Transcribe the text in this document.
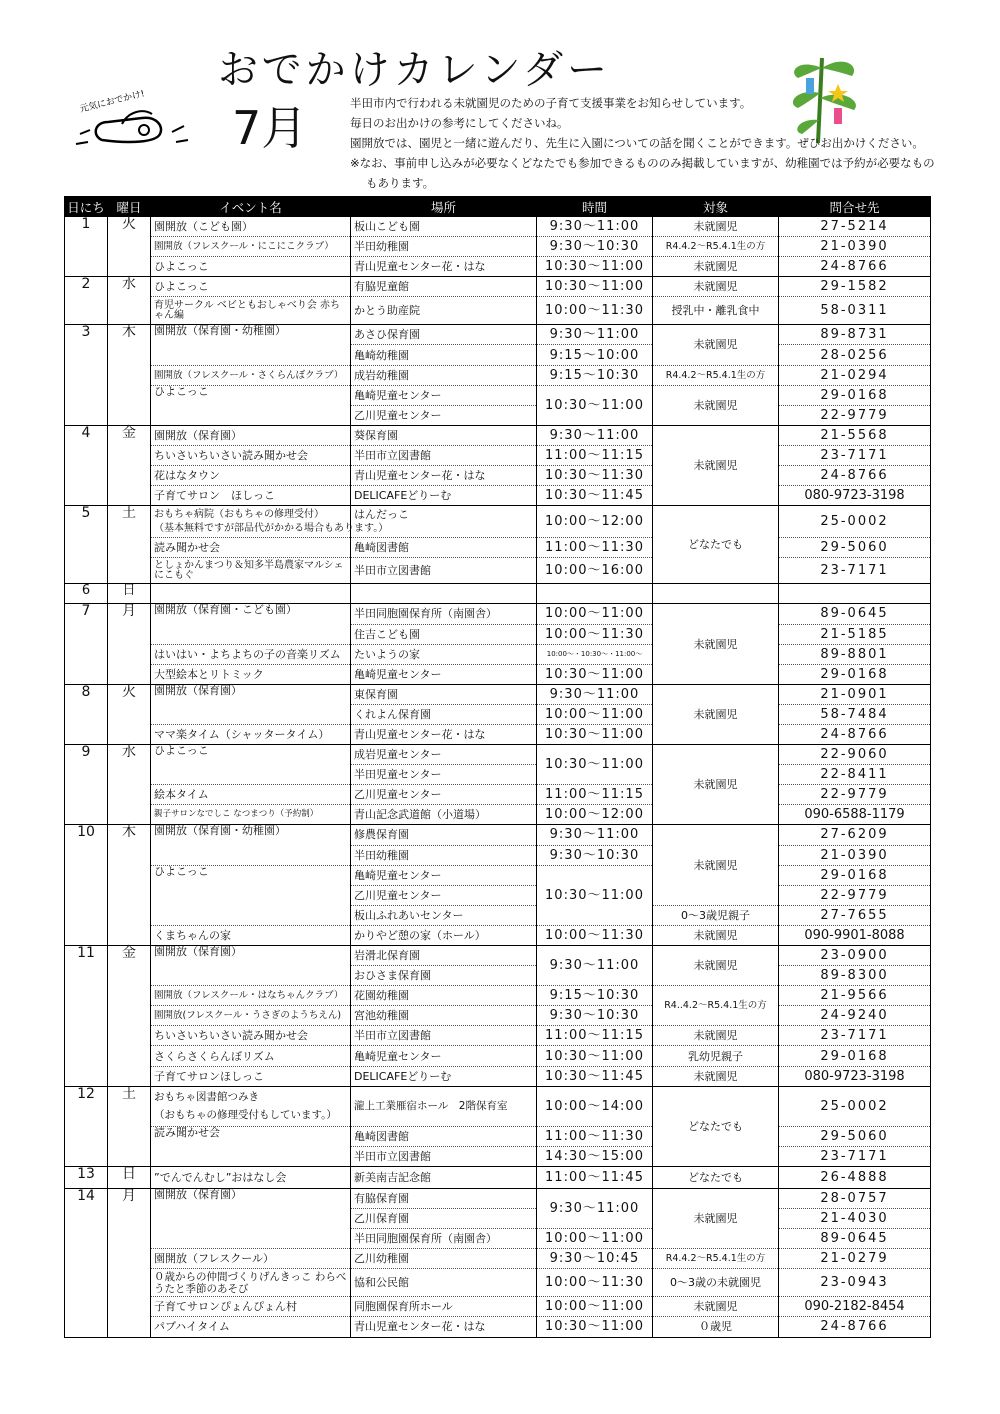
元気におでかけ!
おでかけカレンダー
7月	半田市内で行われる未就園児のための子育て支援事業をお知らせしています。
毎日のお出かけの参考にしてくださいね。
園開放では、園児と一緒に遊んだり、先生に入園についての話を聞くことができます。ぜひお出かけください。
※なお、事前申し込みが必要なくどなたでも参加できるもののみ掲載していますが、幼稚園では予約が必要なもの
もあります。
日にち	曜日	イベント名	場所	時間	対象	問合せ先
1	火	園開放（こども園）	板山こども園	9:30～11:00	未就園児	27-5214
		園開放（フレスクール・にこにこクラブ）	半田幼稚園	9:30～10:30	R4.4.2～R5.4.1生の方	21-0390
		ひよこっこ	青山児童センター花・はな	10:30～11:00	未就園児	24-8766
2	水	ひよこっこ	有脇児童館	10:30～11:00	未就園児	29-1582
		育児サークル ベビともおしゃべり会 赤ちゃん編	かとう助産院	10:00～11:30	授乳中・離乳食中	58-0311
3	木	園開放（保育園・幼稚園）	あさひ保育園	9:30～11:00	未就園児	89-8731
			亀崎幼稚園	9:15～10:00		28-0256
		園開放（フレスクール・さくらんぼクラブ）	成岩幼稚園	9:15～10:30	R4.4.2～R5.4.1生の方	21-0294
		ひよこっこ	亀崎児童センター	10:30～11:00	未就園児	29-0168
			乙川児童センター			22-9779
4	金	園開放（保育園）	葵保育園	9:30～11:00	未就園児	21-5568
		ちいさいちいさい読み聞かせ会	半田市立図書館	11:00～11:15		23-7171
		花はなタウン	青山児童センター花・はな	10:30～11:30		24-8766
		子育てサロン　ほしっこ	DELICAFEどりーむ	10:30～11:45		080-9723-3198
5	土	おもちゃ病院（おもちゃの修理受付）
（基本無料ですが部品代がかかる場合もあります。）	はんだっこ	10:00～12:00	どなたでも	25-0002
		読み聞かせ会	亀崎図書館	11:00～11:30		29-5060
		としょかんまつり＆知多半島農家マルシェ　にこもぐ	半田市立図書館	10:00～16:00		23-7171
6	日					
7	月	園開放（保育園・こども園）	半田同胞園保育所（南園舎）	10:00～11:00	未就園児	89-0645
			住吉こども園	10:00～11:30		21-5185
		はいはい・よちよちの子の音楽リズム	たいようの家	10:00～・10:30～・11:00～		89-8801
		大型絵本とリトミック	亀崎児童センター	10:30～11:00		29-0168
8	火	園開放（保育園）	東保育園	9:30～11:00	未就園児	21-0901
			くれよん保育園	10:00～11:00		58-7484
		ママ楽タイム（シャッタータイム）	青山児童センター花・はな	10:30～11:00		24-8766
9	水	ひよこっこ	成岩児童センター	10:30～11:00	未就園児	22-9060
			半田児童センター			22-8411
		絵本タイム	乙川児童センター	11:00～11:15		22-9779
		親子サロンなでしこ なつまつり（予約制）	青山記念武道館（小道場）	10:00～12:00		090-6588-1179
10	木	園開放（保育園・幼稚園）	修農保育園	9:30～11:00	未就園児	27-6209
			半田幼稚園	9:30～10:30		21-0390
		ひよこっこ	亀崎児童センター	10:30～11:00		29-0168
			乙川児童センター			22-9779
			板山ふれあいセンター		0～3歳児親子	27-7655
		くまちゃんの家	かりやど憩の家（ホール）	10:00～11:30	未就園児	090-9901-8088
11	金	園開放（保育園）	岩滑北保育園	9:30～11:00	未就園児	23-0900
			おひさま保育園			89-8300
		園開放（フレスクール・はなちゃんクラブ）	花園幼稚園	9:15～10:30	R4..4.2～R5.4.1生の方	21-9566
		園開放(フレスクール・うさぎのようちえん)	宮池幼稚園	9:30～10:30		24-9240
		ちいさいちいさい読み聞かせ会	半田市立図書館	11:00～11:15	未就園児	23-7171
		さくらさくらんぼリズム	亀崎児童センター	10:30～11:00	乳幼児親子	29-0168
		子育てサロンほしっこ	DELICAFEどりーむ	10:30～11:45	未就園児	080-9723-3198
12	土	おもちゃ図書館つみき
（おもちゃの修理受付もしています。）	瀧上工業雁宿ホール　2階保育室	10:00～14:00	どなたでも	25-0002
		読み聞かせ会	亀崎図書館	11:00～11:30		29-5060
			半田市立図書館	14:30～15:00		23-7171
13	日	”でんでんむし”おはなし会	新美南吉記念館	11:00～11:45	どなたでも	26-4888
14	月	園開放（保育園）	有脇保育園	9:30～11:00	未就園児	28-0757
			乙川保育園			21-4030
			半田同胞園保育所（南園舎）	10:00～11:00		89-0645
		園開放（フレスクール）	乙川幼稚園	9:30～10:45	R4.4.2～R5.4.1生の方	21-0279
		０歳からの仲間づくりげんきっこ わらべうたと季節のあそび	協和公民館	10:00～11:30	0～3歳の未就園児	23-0943
		子育てサロンぴょんぴょん村	同胞園保育所ホール	10:00～11:00	未就園児	090-2182-8454
		パブハイタイム	青山児童センター花・はな	10:30～11:00	０歳児	24-8766
